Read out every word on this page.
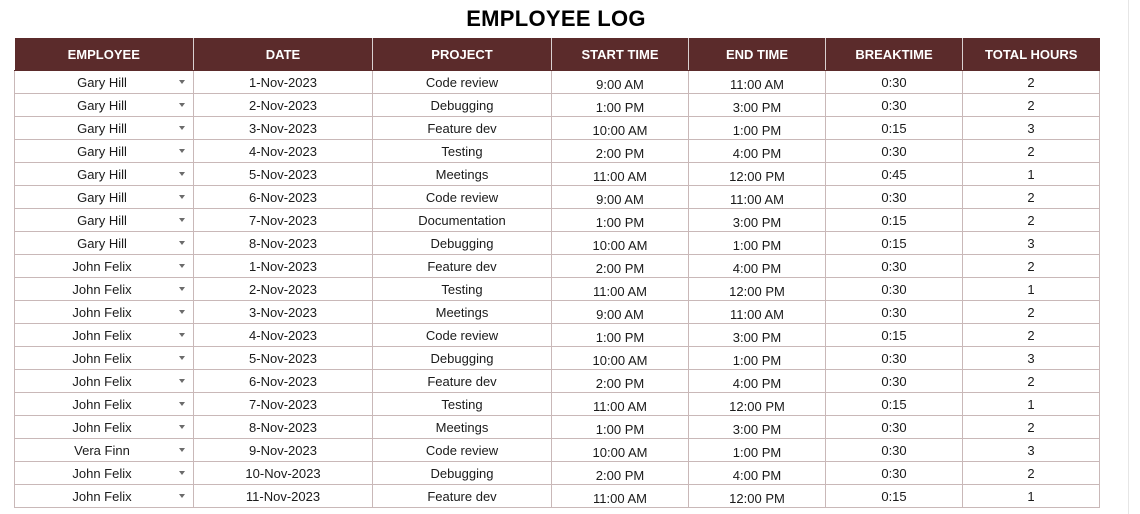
EMPLOYEE LOG
EMPLOYEE	DATE	PROJECT	START TIME	END TIME	BREAKTIME	TOTAL HOURS
Gary Hill	1-Nov-2023	Code review	9:00 AM	11:00 AM	0:30	2
Gary Hill	2-Nov-2023	Debugging	1:00 PM	3:00 PM	0:30	2
Gary Hill	3-Nov-2023	Feature dev	10:00 AM	1:00 PM	0:15	3
Gary Hill	4-Nov-2023	Testing	2:00 PM	4:00 PM	0:30	2
Gary Hill	5-Nov-2023	Meetings	11:00 AM	12:00 PM	0:45	1
Gary Hill	6-Nov-2023	Code review	9:00 AM	11:00 AM	0:30	2
Gary Hill	7-Nov-2023	Documentation	1:00 PM	3:00 PM	0:15	2
Gary Hill	8-Nov-2023	Debugging	10:00 AM	1:00 PM	0:15	3
John Felix	1-Nov-2023	Feature dev	2:00 PM	4:00 PM	0:30	2
John Felix	2-Nov-2023	Testing	11:00 AM	12:00 PM	0:30	1
John Felix	3-Nov-2023	Meetings	9:00 AM	11:00 AM	0:30	2
John Felix	4-Nov-2023	Code review	1:00 PM	3:00 PM	0:15	2
John Felix	5-Nov-2023	Debugging	10:00 AM	1:00 PM	0:30	3
John Felix	6-Nov-2023	Feature dev	2:00 PM	4:00 PM	0:30	2
John Felix	7-Nov-2023	Testing	11:00 AM	12:00 PM	0:15	1
John Felix	8-Nov-2023	Meetings	1:00 PM	3:00 PM	0:30	2
Vera Finn	9-Nov-2023	Code review	10:00 AM	1:00 PM	0:30	3
John Felix	10-Nov-2023	Debugging	2:00 PM	4:00 PM	0:30	2
John Felix	11-Nov-2023	Feature dev	11:00 AM	12:00 PM	0:15	1
